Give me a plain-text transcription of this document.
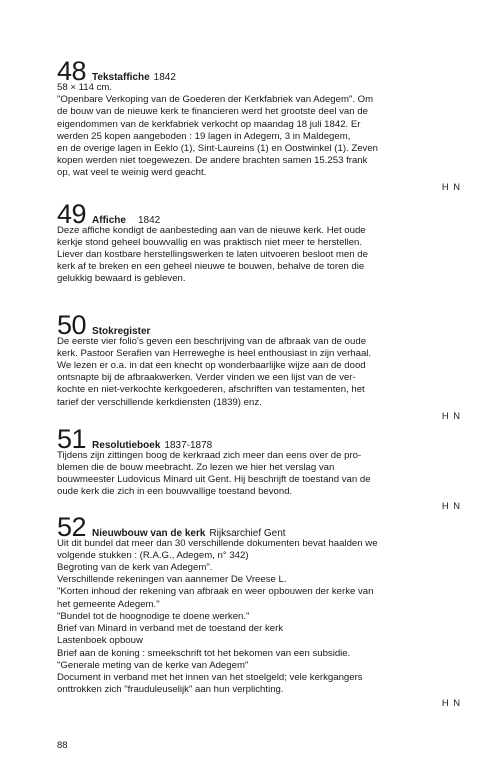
48 Tekstaffiche 1842

58 × 114 cm.

"Openbare Verkoping van de Goederen der Kerkfabriek van Adegem". Om

de bouw van de nieuwe kerk te financieren werd het grootste deel van de

eigendommen van de kerkfabriek verkocht op maandag 18 juli 1842. Er

werden 25 kopen aangeboden : 19 lagen in Adegem, 3 in Maldegem,

en de overige lagen in Eeklo (1), Sint-Laureins (1) en Oostwinkel (1). Zeven

kopen werden niet toegewezen. De andere brachten samen 15.253 frank

op, wat veel te weinig werd geacht.

H N

49 Affiche 1842

Deze affiche kondigt de aanbesteding aan van de nieuwe kerk. Het oude

kerkje stond geheel bouwvallig en was praktisch niet meer te herstellen.

Liever dan kostbare herstellingswerken te laten uitvoeren besloot men de

kerk af te breken en een geheel nieuwe te bouwen, behalve de toren die

gelukkig bewaard is gebleven.

50 Stokregister

De eerste vier folio's geven een beschrijving van de afbraak van de oude

kerk. Pastoor Serafien van Herreweghe is heel enthousiast in zijn verhaal.

We lezen er o.a. in dat een knecht op wonderbaarlijke wijze aan de dood

ontsnapte bij de afbraakwerken. Verder vinden we een lijst van de ver-

kochte en niet-verkochte kerkgoederen, afschriften van testamenten, het

tarief der verschillende kerkdiensten (1839) enz.

H N

51 Resolutieboek 1837-1878

Tijdens zijn zittingen boog de kerkraad zich meer dan eens over de pro-

blemen die de bouw meebracht. Zo lezen we hier het verslag van

bouwmeester Ludovicus Minard uit Gent. Hij beschrijft de toestand van de

oude kerk die zich in een bouwvallige toestand bevond.

H N

52 Nieuwbouw van de kerk Rijksarchief Gent

Uit dit bundel dat meer dan 30 verschillende dokumenten bevat haalden we

volgende stukken : (R.A.G., Adegem, n° 342)

Begroting van de kerk van Adegem".

Verschillende rekeningen van aannemer De Vreese L.

"Korten inhoud der rekening van afbraak en weer opbouwen der kerke van

het gemeente Adegem."

"Bundel tot de hoognodige te doene werken."

Brief van Minard in verband met de toestand der kerk

Lastenboek opbouw

Brief aan de koning : smeekschrift tot het bekomen van een subsidie.

"Generale meting van de kerke van Adegem"

Document in verband met het innen van het stoelgeld; vele kerkgangers

onttrokken zich "frauduleuselijk" aan hun verplichting.

H N

88
